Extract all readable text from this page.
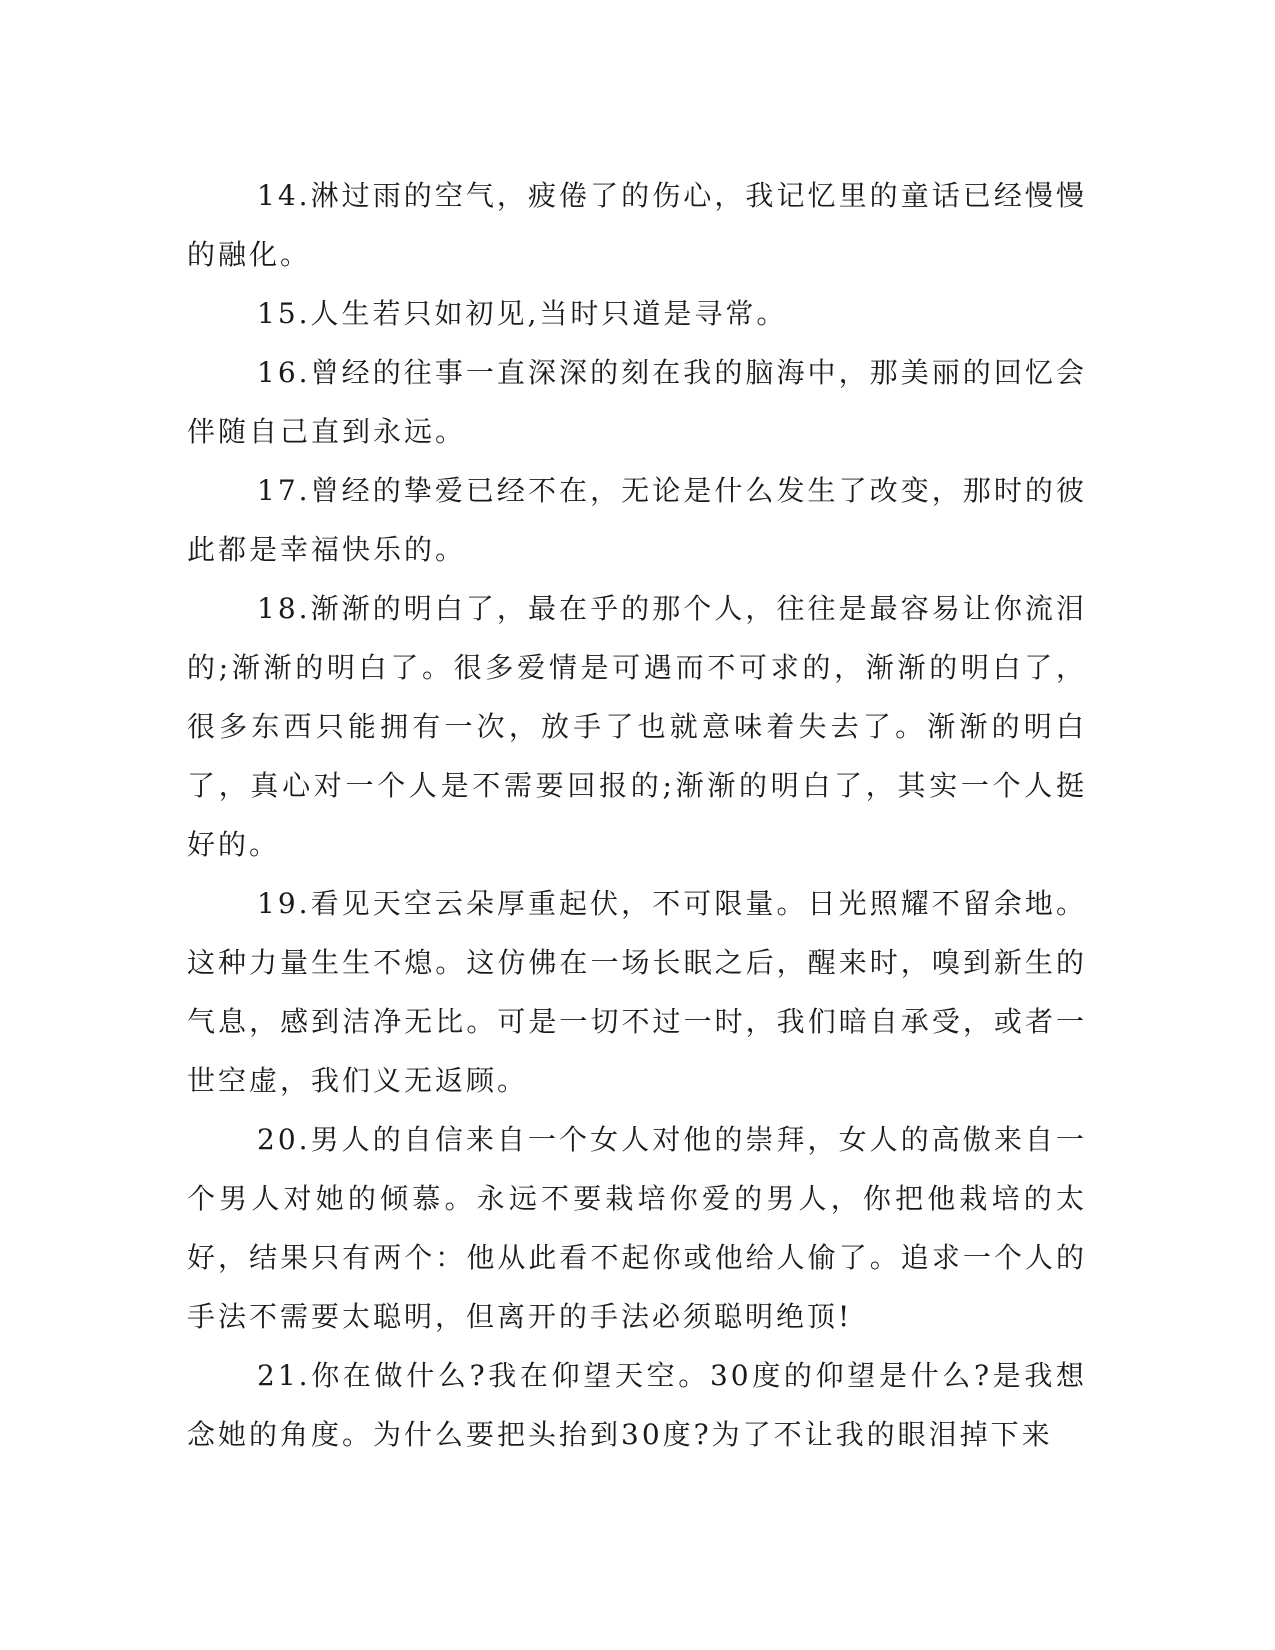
14.淋过雨的空气，疲倦了的伤心，我记忆里的童话已经慢慢的融化。

15.人生若只如初见,当时只道是寻常。

16.曾经的往事一直深深的刻在我的脑海中，那美丽的回忆会伴随自己直到永远。

17.曾经的挚爱已经不在，无论是什么发生了改变，那时的彼此都是幸福快乐的。

18.渐渐的明白了，最在乎的那个人，往往是最容易让你流泪的;渐渐的明白了。很多爱情是可遇而不可求的，渐渐的明白了，很多东西只能拥有一次，放手了也就意味着失去了。渐渐的明白了，真心对一个人是不需要回报的;渐渐的明白了，其实一个人挺好的。

19.看见天空云朵厚重起伏，不可限量。日光照耀不留余地。这种力量生生不熄。这仿佛在一场长眠之后，醒来时，嗅到新生的气息，感到洁净无比。可是一切不过一时，我们暗自承受，或者一世空虚，我们义无返顾。

20.男人的自信来自一个女人对他的崇拜，女人的高傲来自一个男人对她的倾慕。永远不要栽培你爱的男人，你把他栽培的太好，结果只有两个：他从此看不起你或他给人偷了。追求一个人的手法不需要太聪明，但离开的手法必须聪明绝顶!

21.你在做什么?我在仰望天空。30度的仰望是什么?是我想念她的角度。为什么要把头抬到30度?为了不让我的眼泪掉下来
